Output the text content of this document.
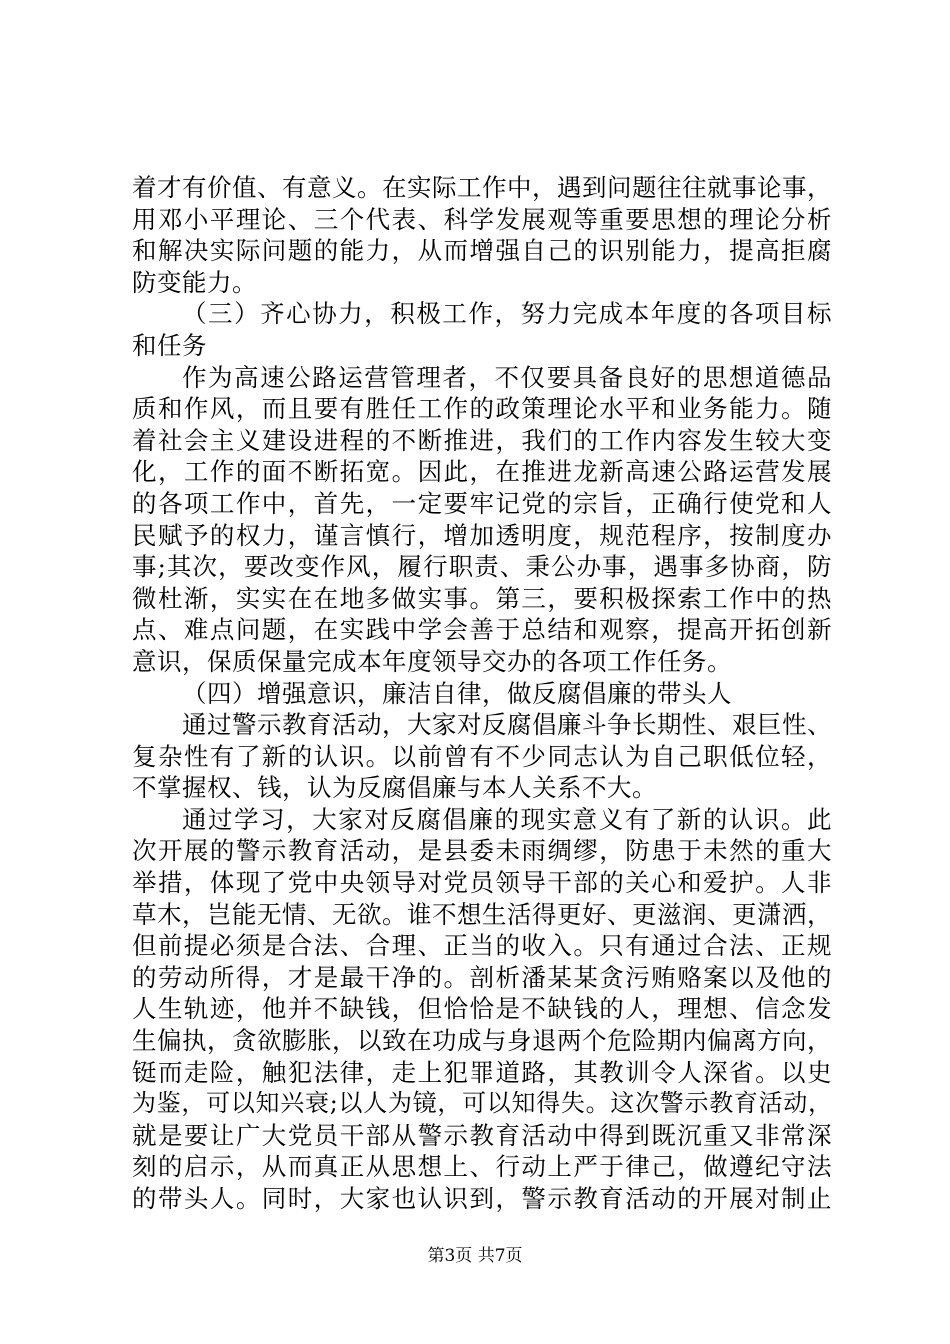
着才有价值、有意义。在实际工作中，遇到问题往往就事论事，
用邓小平理论、三个代表、科学发展观等重要思想的理论分析
和解决实际问题的能力，从而增强自己的识别能力，提高拒腐
防变能力。
（三）齐心协力，积极工作，努力完成本年度的各项目标
和任务
作为高速公路运营管理者，不仅要具备良好的思想道德品
质和作风，而且要有胜任工作的政策理论水平和业务能力。随
着社会主义建设进程的不断推进，我们的工作内容发生较大变
化，工作的面不断拓宽。因此，在推进龙新高速公路运营发展
的各项工作中，首先，一定要牢记党的宗旨，正确行使党和人
民赋予的权力，谨言慎行，增加透明度，规范程序，按制度办
事;其次，要改变作风，履行职责、秉公办事，遇事多协商，防
微杜渐，实实在在地多做实事。第三，要积极探索工作中的热
点、难点问题，在实践中学会善于总结和观察，提高开拓创新
意识，保质保量完成本年度领导交办的各项工作任务。
（四）增强意识，廉洁自律，做反腐倡廉的带头人
通过警示教育活动，大家对反腐倡廉斗争长期性、艰巨性、
复杂性有了新的认识。以前曾有不少同志认为自己职低位轻，
不掌握权、钱，认为反腐倡廉与本人关系不大。
通过学习，大家对反腐倡廉的现实意义有了新的认识。此
次开展的警示教育活动，是县委未雨绸缪，防患于未然的重大
举措，体现了党中央领导对党员领导干部的关心和爱护。人非
草木，岂能无情、无欲。谁不想生活得更好、更滋润、更潇洒，
但前提必须是合法、合理、正当的收入。只有通过合法、正规
的劳动所得，才是最干净的。剖析潘某某贪污贿赂案以及他的
人生轨迹，他并不缺钱，但恰恰是不缺钱的人，理想、信念发
生偏执，贪欲膨胀，以致在功成与身退两个危险期内偏离方向，
铤而走险，触犯法律，走上犯罪道路，其教训令人深省。以史
为鉴，可以知兴衰;以人为镜，可以知得失。这次警示教育活动，
就是要让广大党员干部从警示教育活动中得到既沉重又非常深
刻的启示，从而真正从思想上、行动上严于律己，做遵纪守法
的带头人。同时，大家也认识到，警示教育活动的开展对制止
第3页 共7页
